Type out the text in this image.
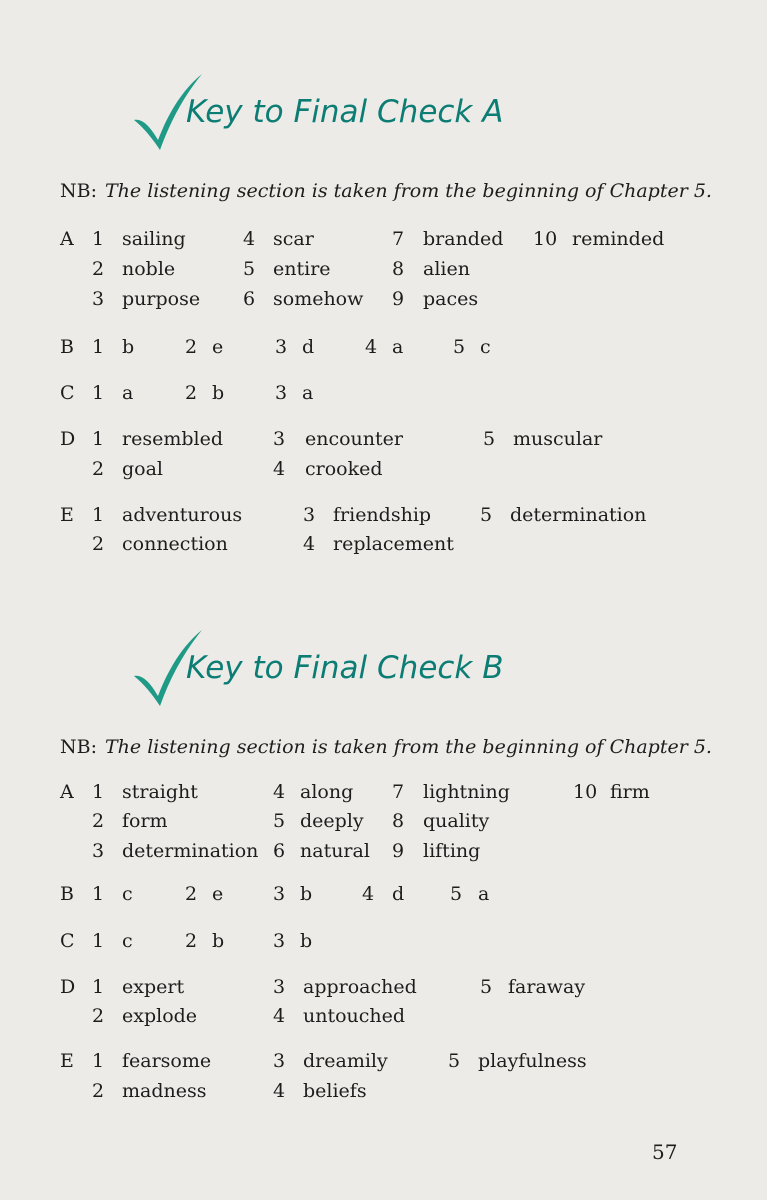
Key to Final Check A
NB: The listening section is taken from the beginning of Chapter 5.
A 1 sailing	4 scar	7 branded 10 reminded
2 noble	5 entire	8 alien
3 purpose 6 somehow 9 paces
B 1 b	2 e	3 d	4 a	5 c
C 1 a	2 b	3 a
D 1 resembled	3 encounter	5 muscular
2 goal	4 crooked
E 1 adventurous	3 friendship	5 determination
2 connection	4 replacement
Key to Final Check B
NB: The listening section is taken from the beginning of Chapter 5.
A 1 straight	4 along 7 lightning	10 firm
2 form	5 deeply 8 quality
3 determination 6 natural 9 lifting
B 1 c	2 e	3 b	4 d 5 a
C 1 c	2 b	3 b
D 1 expert	3 approached	5 faraway
2 explode	4 untouched
E 1 fearsome	3 dreamily	5 playfulness
2 madness	4 beliefs
57
